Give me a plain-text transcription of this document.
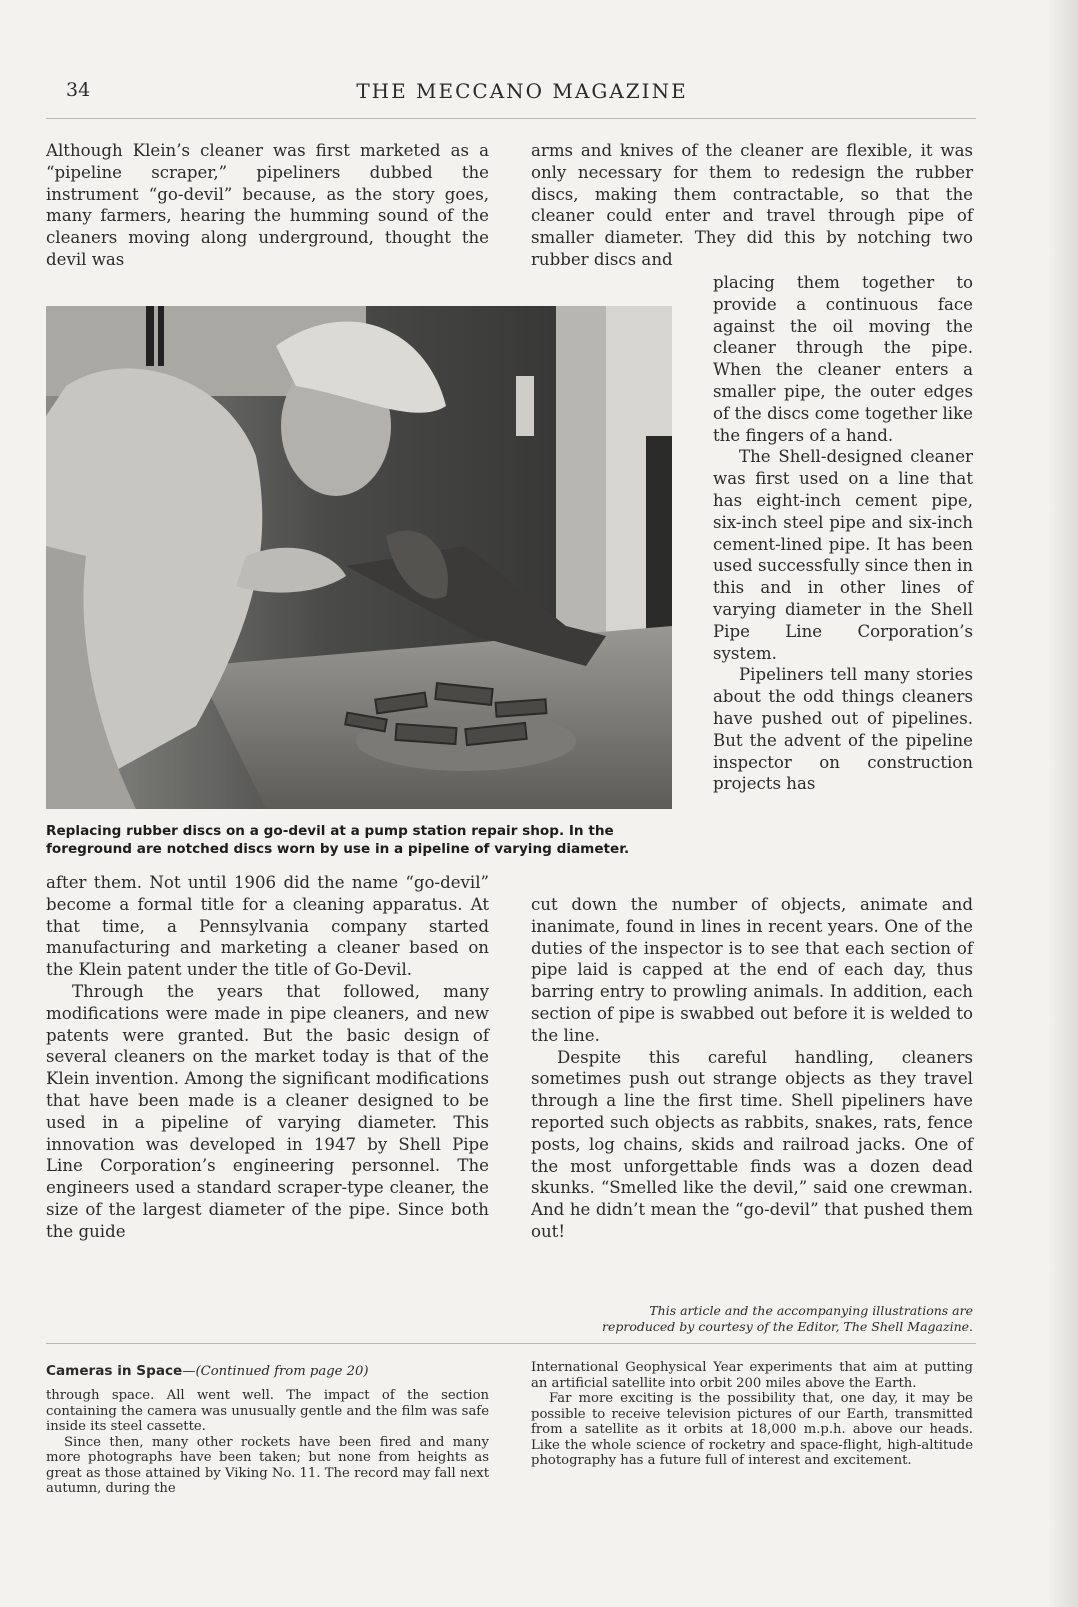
34	THE MECCANO MAGAZINE

Although Klein’s cleaner was first marketed as a “pipeline scraper,” pipeliners dubbed the instrument “go-devil” because, as the story goes, many farmers, hearing the humming sound of the cleaners moving along underground, thought the devil was

arms and knives of the cleaner are flexible, it was only necessary for them to redesign the rubber discs, making them contractable, so that the cleaner could enter and travel through pipe of smaller diameter. They did this by notching two rubber discs and

placing them together to provide a continuous face against the oil moving the cleaner through the pipe. When the cleaner enters a smaller pipe, the outer edges of the discs come together like the fingers of a hand.

The Shell-designed cleaner was first used on a line that has eight-inch cement pipe, six-inch steel pipe and six-inch cement-lined pipe. It has been used successfully since then in this and in other lines of varying diameter in the Shell Pipe Line Corporation’s system.

Pipeliners tell many stories about the odd things cleaners have pushed out of pipelines. But the advent of the pipeline inspector on construction projects has

Replacing rubber discs on a go-devil at a pump station repair shop. In the foreground are notched discs worn by use in a pipeline of varying diameter.

after them. Not until 1906 did the name “go-devil” become a formal title for a cleaning apparatus. At that time, a Pennsylvania company started manufacturing and marketing a cleaner based on the Klein patent under the title of Go-Devil.

Through the years that followed, many modifications were made in pipe cleaners, and new patents were granted. But the basic design of several cleaners on the market today is that of the Klein invention. Among the significant modifications that have been made is a cleaner designed to be used in a pipeline of varying diameter. This innovation was developed in 1947 by Shell Pipe Line Corporation’s engineering personnel. The engineers used a standard scraper-type cleaner, the size of the largest diameter of the pipe. Since both the guide

cut down the number of objects, animate and inanimate, found in lines in recent years. One of the duties of the inspector is to see that each section of pipe laid is capped at the end of each day, thus barring entry to prowling animals. In addition, each section of pipe is swabbed out before it is welded to the line.

Despite this careful handling, cleaners sometimes push out strange objects as they travel through a line the first time. Shell pipeliners have reported such objects as rabbits, snakes, rats, fence posts, log chains, skids and railroad jacks. One of the most unforgettable finds was a dozen dead skunks. “Smelled like the devil,” said one crewman. And he didn’t mean the “go-devil” that pushed them out!

This article and the accompanying illustrations are
reproduced by courtesy of the Editor, The Shell Magazine.
Cameras in Space—(Continued from page 20)

through space. All went well. The impact of the section containing the camera was unusually gentle and the film was safe inside its steel cassette.

Since then, many other rockets have been fired and many more photographs have been taken; but none from heights as great as those attained by Viking No. 11. The record may fall next autumn, during the

International Geophysical Year experiments that aim at putting an artificial satellite into orbit 200 miles above the Earth.

Far more exciting is the possibility that, one day, it may be possible to receive television pictures of our Earth, transmitted from a satellite as it orbits at 18,000 m.p.h. above our heads. Like the whole science of rocketry and space-flight, high-altitude photography has a future full of interest and excitement.
